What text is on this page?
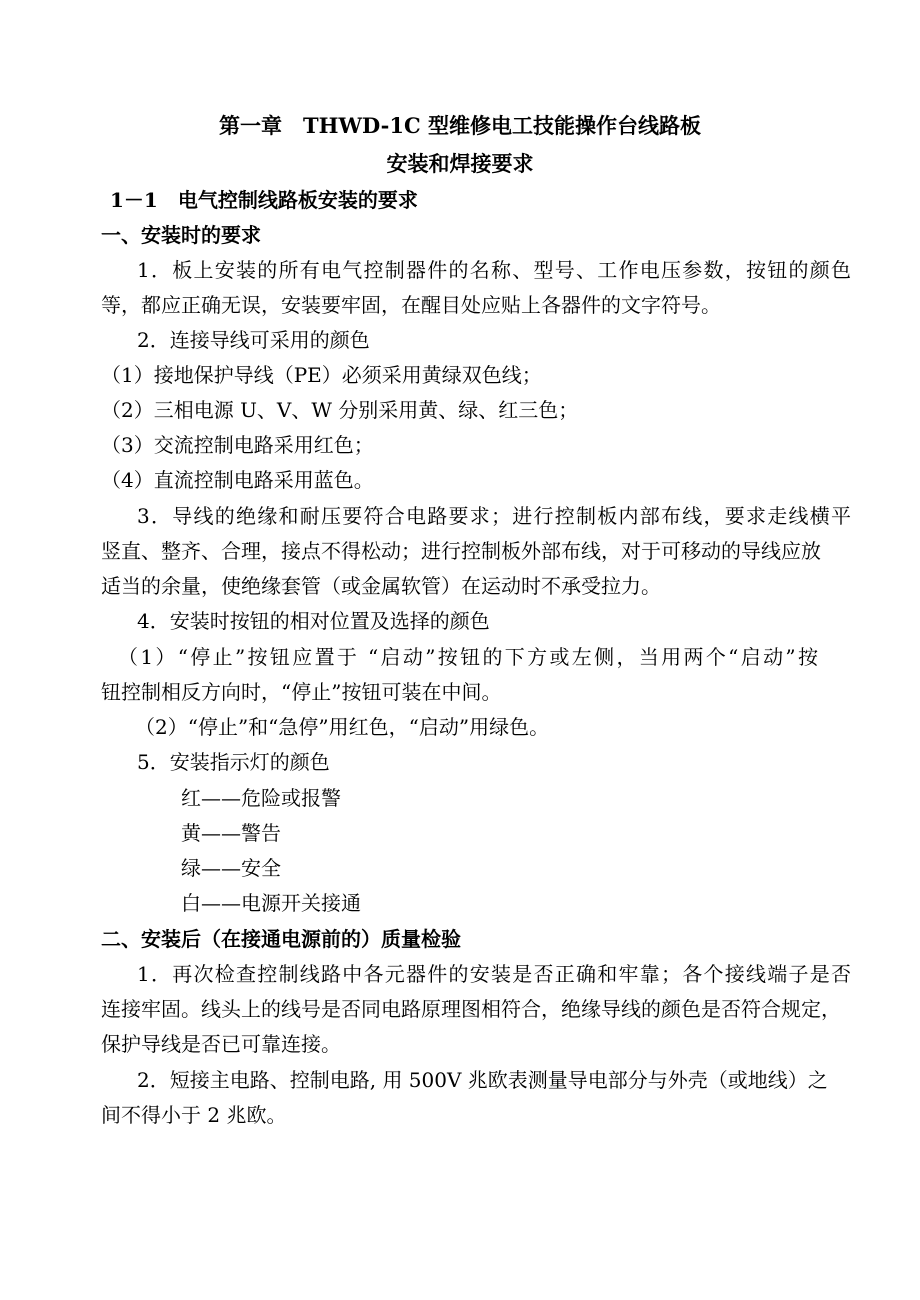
第一章　THWD-1C 型维修电工技能操作台线路板
安装和焊接要求
1－1　电气控制线路板安装的要求
一、安装时的要求
1．板上安装的所有电气控制器件的名称、型号、工作电压参数，按钮的颜色
等，都应正确无误，安装要牢固，在醒目处应贴上各器件的文字符号。
2．连接导线可采用的颜色
（1）接地保护导线（PE）必须采用黄绿双色线；
（2）三相电源 U、V、W 分别采用黄、绿、红三色；
（3）交流控制电路采用红色；
（4）直流控制电路采用蓝色。
3．导线的绝缘和耐压要符合电路要求；进行控制板内部布线，要求走线横平
竖直、整齐、合理，接点不得松动；进行控制板外部布线，对于可移动的导线应放
适当的余量，使绝缘套管（或金属软管）在运动时不承受拉力。
4．安装时按钮的相对位置及选择的颜色
（1）“停止”按钮应置于 “启动”按钮的下方或左侧，当用两个“启动”按
钮控制相反方向时，“停止”按钮可装在中间。
（2）“停止”和“急停”用红色，“启动”用绿色。
5．安装指示灯的颜色
红——危险或报警
黄——警告
绿——安全
白——电源开关接通
二、安装后（在接通电源前的）质量检验
1．再次检查控制线路中各元器件的安装是否正确和牢靠；各个接线端子是否
连接牢固。线头上的线号是否同电路原理图相符合，绝缘导线的颜色是否符合规定，
保护导线是否已可靠连接。
2．短接主电路、控制电路, 用 500V 兆欧表测量导电部分与外壳（或地线）之
间不得小于 2 兆欧。
